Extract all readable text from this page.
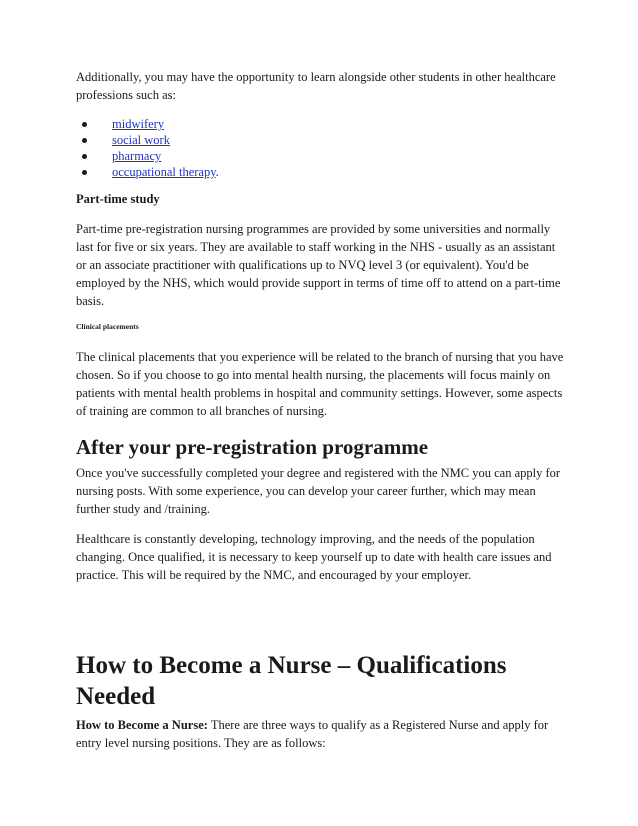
Additionally, you may have the opportunity to learn alongside other students in other healthcare professions such as:

midwifery
social work
pharmacy
occupational therapy.

Part-time study

Part-time pre-registration nursing programmes are provided by some universities and normally last for five or six years. They are available to staff working in the NHS - usually as an assistant or an associate practitioner with qualifications up to NVQ level 3 (or equivalent). You'd be employed by the NHS, which would provide support in terms of time off to attend on a part-time basis.

Clinical placements

The clinical placements that you experience will be related to the branch of nursing that you have chosen. So if you choose to go into mental health nursing, the placements will focus mainly on patients with mental health problems in hospital and community settings. However, some aspects of training are common to all branches of nursing.

After your pre-registration programme

Once you've successfully completed your degree and registered with the NMC you can apply for nursing posts. With some experience, you can develop your career further, which may mean further study and /training.

Healthcare is constantly developing, technology improving, and the needs of the population changing. Once qualified, it is necessary to keep yourself up to date with health care issues and practice. This will be required by the NMC, and encouraged by your employer.

How to Become a Nurse – Qualifications Needed

How to Become a Nurse: There are three ways to qualify as a Registered Nurse and apply for entry level nursing positions. They are as follows:
